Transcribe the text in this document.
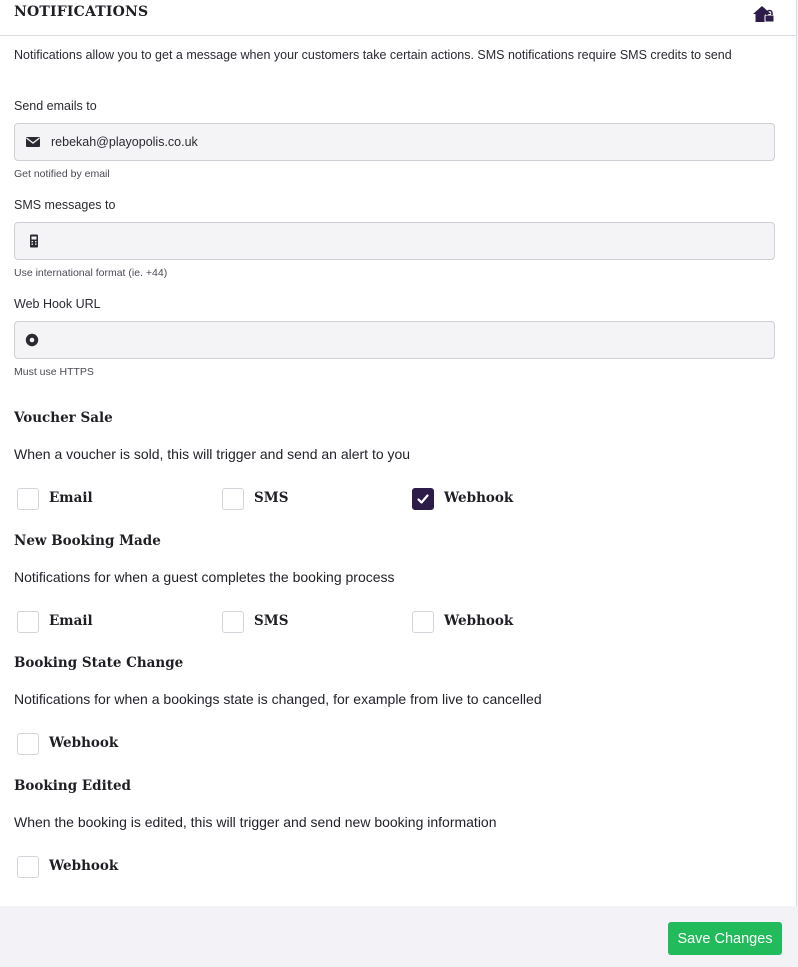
NOTIFICATIONS
Notifications allow you to get a message when your customers take certain actions. SMS notifications require SMS credits to send
Send emails to
rebekah@playopolis.co.uk
Get notified by email
SMS messages to
Use international format (ie. +44)
Web Hook URL
Must use HTTPS
Voucher Sale
When a voucher is sold, this will trigger and send an alert to you
Email	SMS	Webhook
New Booking Made
Notifications for when a guest completes the booking process
Email	SMS	Webhook
Booking State Change
Notifications for when a bookings state is changed, for example from live to cancelled
Webhook
Booking Edited
When the booking is edited, this will trigger and send new booking information
Webhook
Save Changes
